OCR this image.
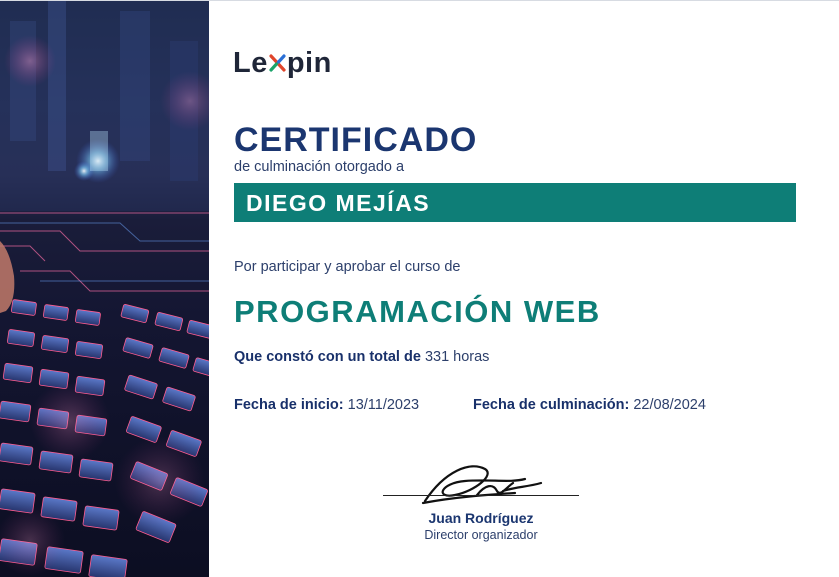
Le pin
CERTIFICADO
de culminación otorgado a
DIEGO MEJÍAS
Por participar y aprobar el curso de
PROGRAMACIÓN WEB
Que constó con un total de 331 horas
Fecha de inicio: 13/11/2023	Fecha de culminación: 22/08/2024
Juan Rodríguez
Director organizador
